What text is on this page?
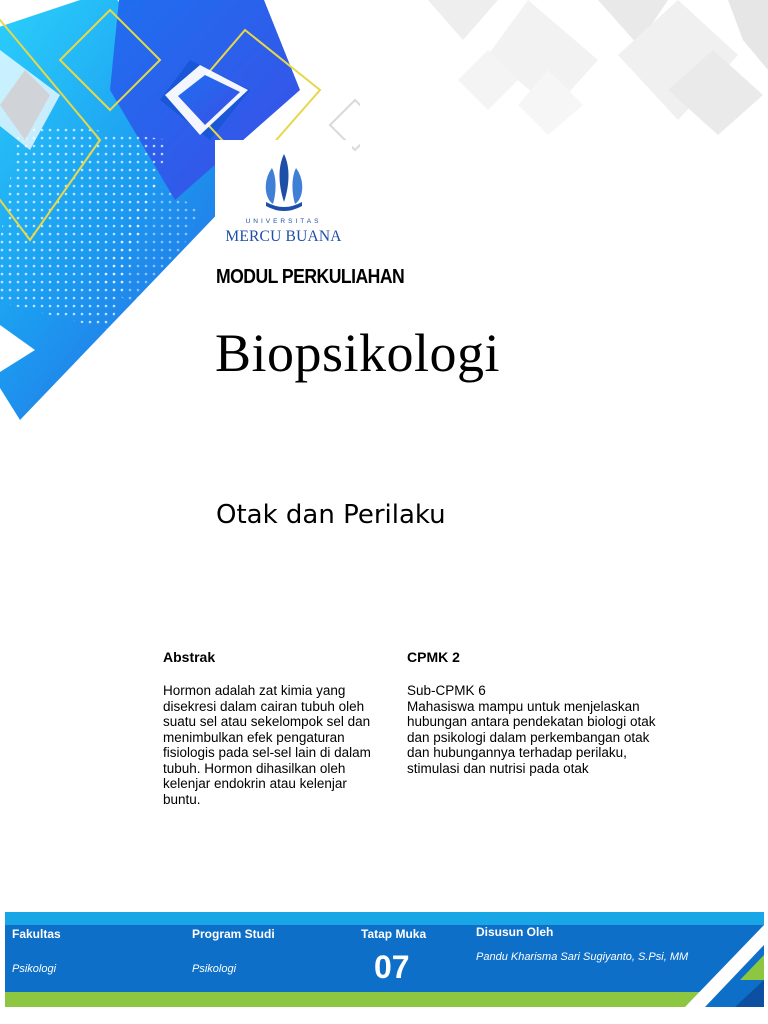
UNIVERSITAS
MERCU BUANA
MODUL PERKULIAHAN
Biopsikologi
Otak dan Perilaku
Abstrak

Hormon adalah zat kimia yang

disekresi dalam cairan tubuh oleh

suatu sel atau sekelompok sel dan

menimbulkan efek pengaturan

fisiologis pada sel-sel lain di dalam

tubuh. Hormon dihasilkan oleh

kelenjar endokrin atau kelenjar

buntu.

CPMK 2

Sub-CPMK 6

Mahasiswa mampu untuk menjelaskan

hubungan antara pendekatan biologi otak

dan psikologi dalam perkembangan otak

dan hubungannya terhadap perilaku,

stimulasi dan nutrisi pada otak

Fakultas
Psikologi
Program Studi
Psikologi
Tatap Muka
07
Disusun Oleh
Pandu Kharisma Sari Sugiyanto, S.Psi, MM
